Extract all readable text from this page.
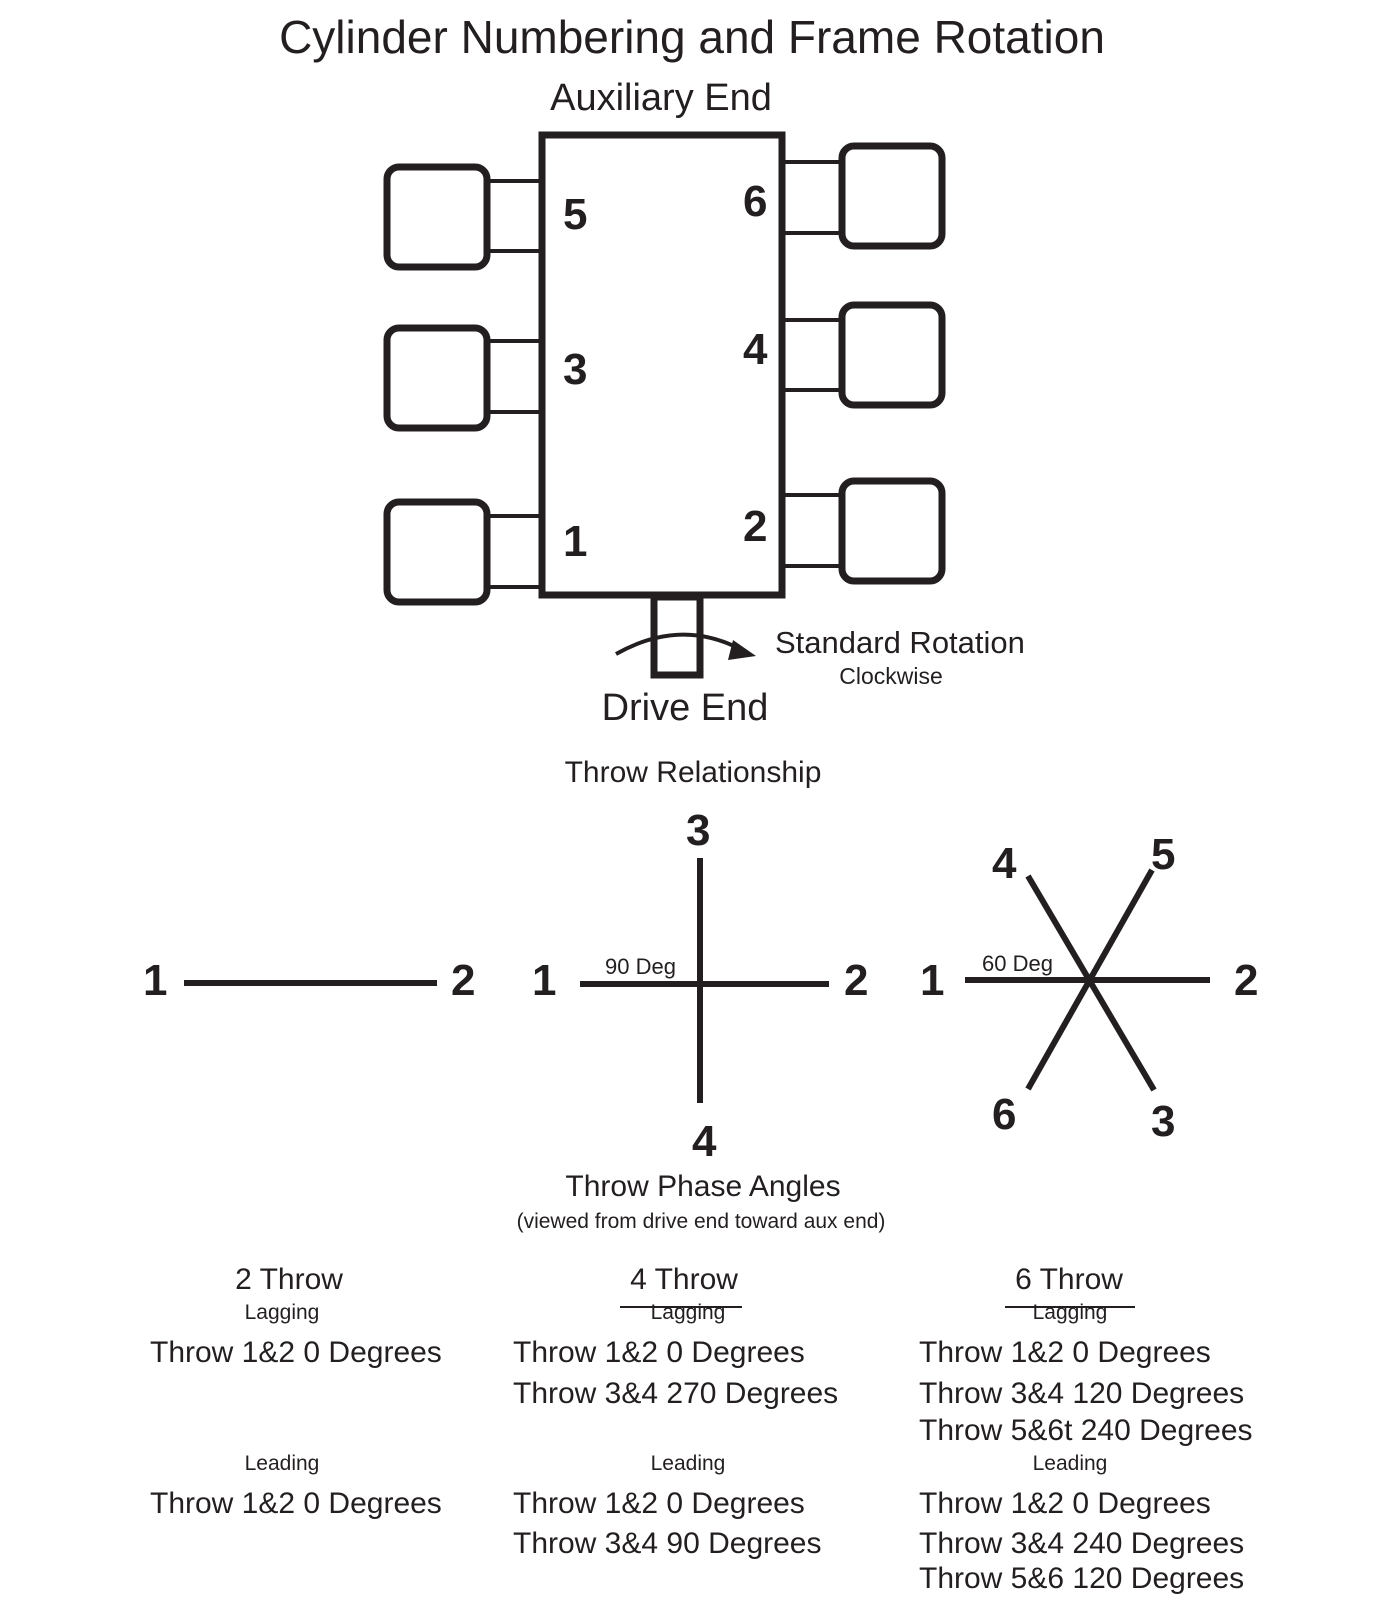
Cylinder Numbering and Frame Rotation
Auxiliary End
Drive End
Standard Rotation
Clockwise
5
3
1
6
4
2
Throw Relationship
1	2 1	2
3
4
90 Deg	1	2
4	5
6	3
60 Deg
Throw Phase Angles
(viewed from drive end toward aux end)
2 Throw
Lagging
Throw 1&2 0 Degrees
Leading
Throw 1&2 0 Degrees
4 Throw
Lagging
Throw 1&2 0 Degrees
Throw 3&4 270 Degrees
Leading
Throw 1&2 0 Degrees
Throw 3&4 90 Degrees
6 Throw
Lagging
Throw 1&2 0 Degrees
Throw 3&4 120 Degrees
Throw 5&6t 240 Degrees
Leading
Throw 1&2 0 Degrees
Throw 3&4 240 Degrees
Throw 5&6 120 Degrees
